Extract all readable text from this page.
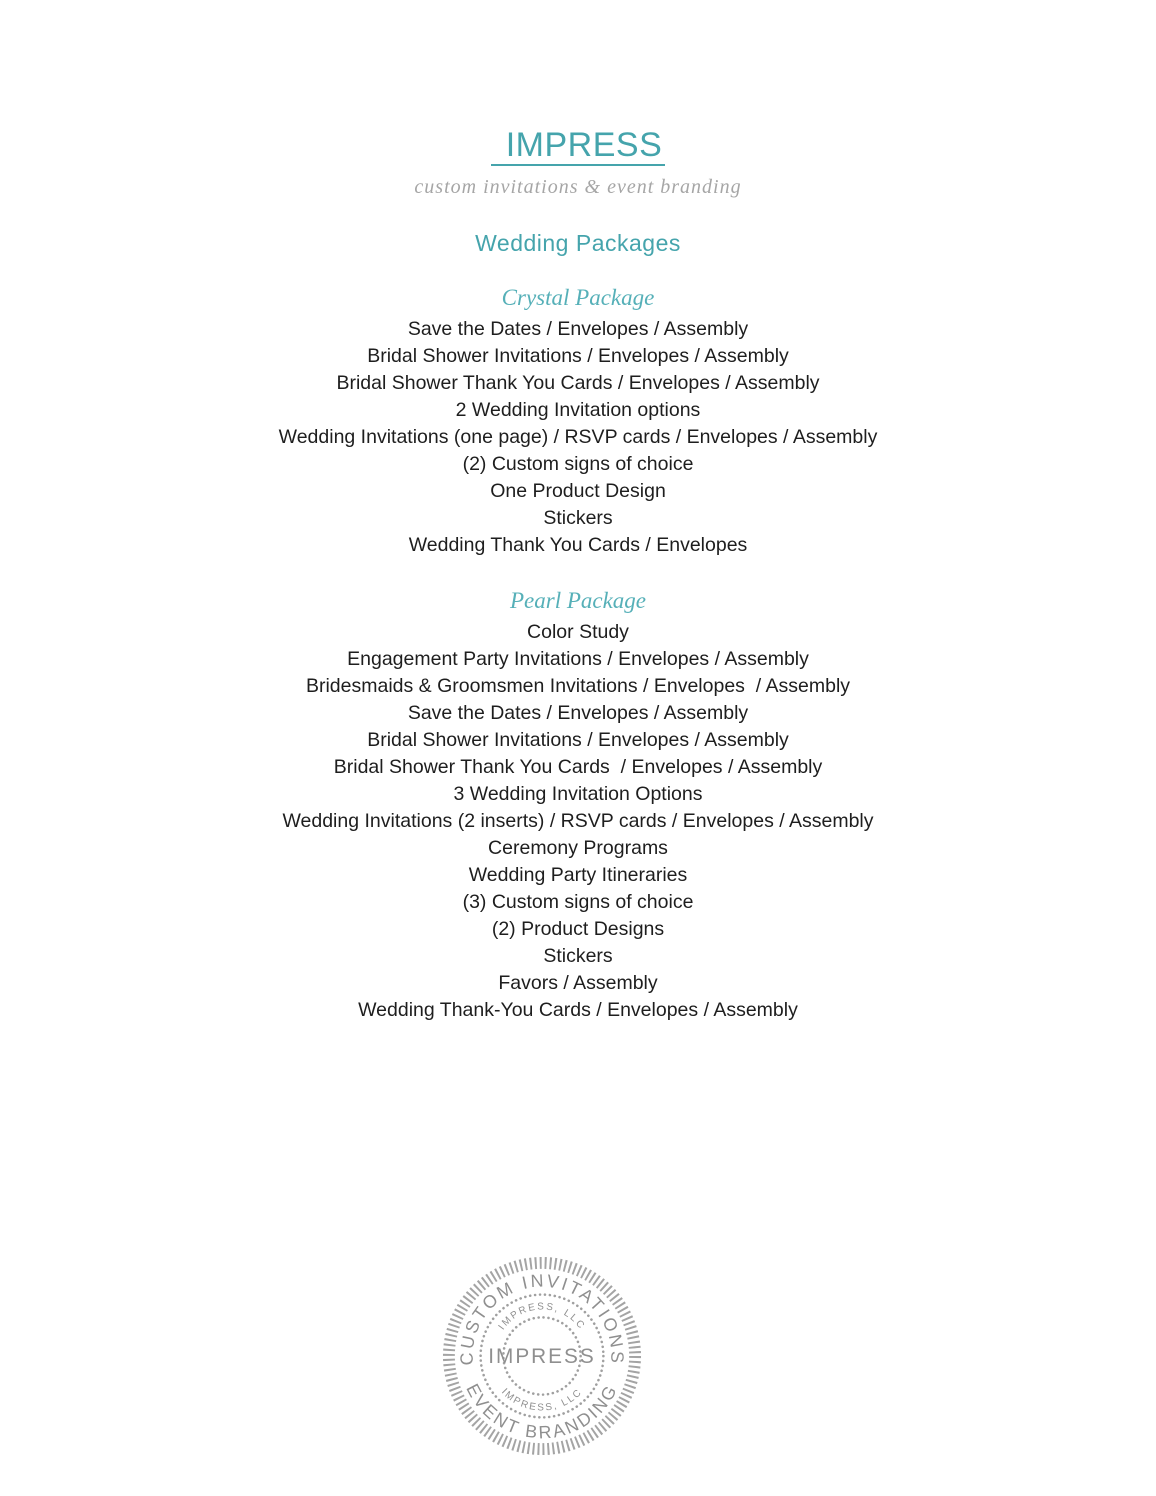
IMPRESS
custom invitations & event branding
Wedding Packages
Crystal Package
Save the Dates / Envelopes / Assembly
Bridal Shower Invitations / Envelopes / Assembly
Bridal Shower Thank You Cards / Envelopes / Assembly
2 Wedding Invitation options
Wedding Invitations (one page) / RSVP cards / Envelopes / Assembly
(2) Custom signs of choice
One Product Design
Stickers
Wedding Thank You Cards / Envelopes
Pearl Package
Color Study
Engagement Party Invitations / Envelopes / Assembly
Bridesmaids & Groomsmen Invitations / Envelopes  / Assembly
Save the Dates / Envelopes / Assembly
Bridal Shower Invitations / Envelopes / Assembly
Bridal Shower Thank You Cards  / Envelopes / Assembly
3 Wedding Invitation Options
Wedding Invitations (2 inserts) / RSVP cards / Envelopes / Assembly
Ceremony Programs
Wedding Party Itineraries
(3) Custom signs of choice
(2) Product Designs
Stickers
Favors / Assembly
Wedding Thank-You Cards / Envelopes / Assembly
CUSTOM INVITATIONS
EVENT BRANDING
IMPRESS, LLC
IMPRESS, LLC
IMPRESS
